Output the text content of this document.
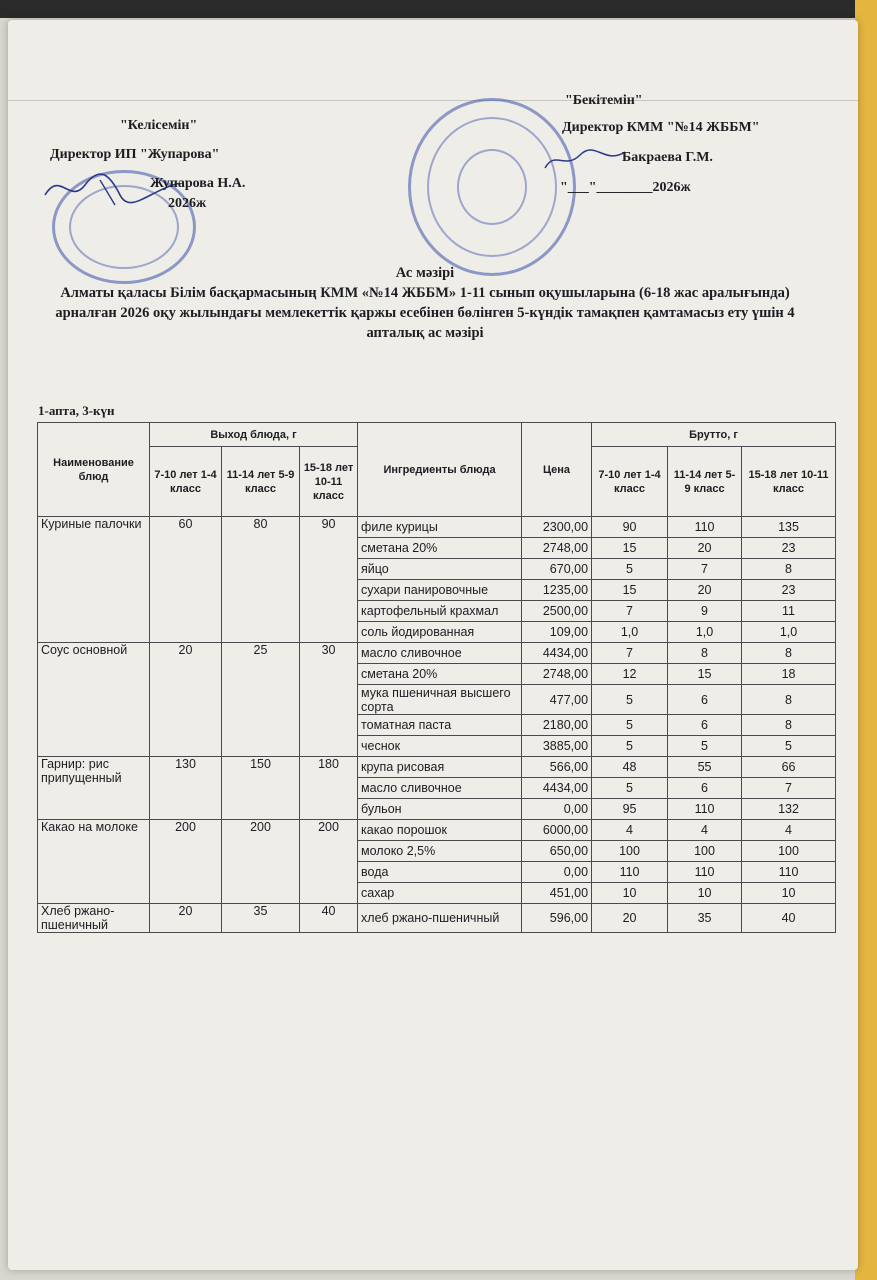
"Келісемін"
Директор ИП "Жупарова"
Жупарова Н.А.
2026ж
"Бекітемін"
Директор КММ "№14 ЖББМ"
Бакраева Г.М.
"___"________2026ж
Ас мәзірі
Алматы қаласы Білім басқармасының КММ «№14 ЖББМ» 1-11 сынып оқушыларына (6-18 жас аралығында) арналған 2026 оқу жылындағы мемлекеттік қаржы есебінен бөлінген 5-күндік тамақпен қамтамасыз ету үшін 4 апталық ас мәзірі
1-апта, 3-күн
Наименование блюд	Выход блюда, г			Ингредиенты блюда	Цена	Брутто, г		
	7-10 лет 1-4 класс	11-14 лет 5-9 класс	15-18 лет 10-11 класс			7-10 лет 1-4 класс	11-14 лет 5-9 класс	15-18 лет 10-11 класс
Куриные палочки	60	80	90	филе курицы	2300,00	90	110	135
				сметана 20%	2748,00	15	20	23
				яйцо	670,00	5	7	8
				сухари панировочные	1235,00	15	20	23
				картофельный крахмал	2500,00	7	9	11
				соль йодированная	109,00	1,0	1,0	1,0
Соус основной	20	25	30	масло сливочное	4434,00	7	8	8
				сметана 20%	2748,00	12	15	18
				мука пшеничная высшего сорта	477,00	5	6	8
				томатная паста	2180,00	5	6	8
				чеснок	3885,00	5	5	5
Гарнир: рис припущенный	130	150	180	крупа рисовая	566,00	48	55	66
				масло сливочное	4434,00	5	6	7
				бульон	0,00	95	110	132
Какао на молоке	200	200	200	какао порошок	6000,00	4	4	4
				молоко 2,5%	650,00	100	100	100
				вода	0,00	110	110	110
				сахар	451,00	10	10	10
Хлеб ржано-пшеничный	20	35	40	хлеб ржано-пшеничный	596,00	20	35	40
